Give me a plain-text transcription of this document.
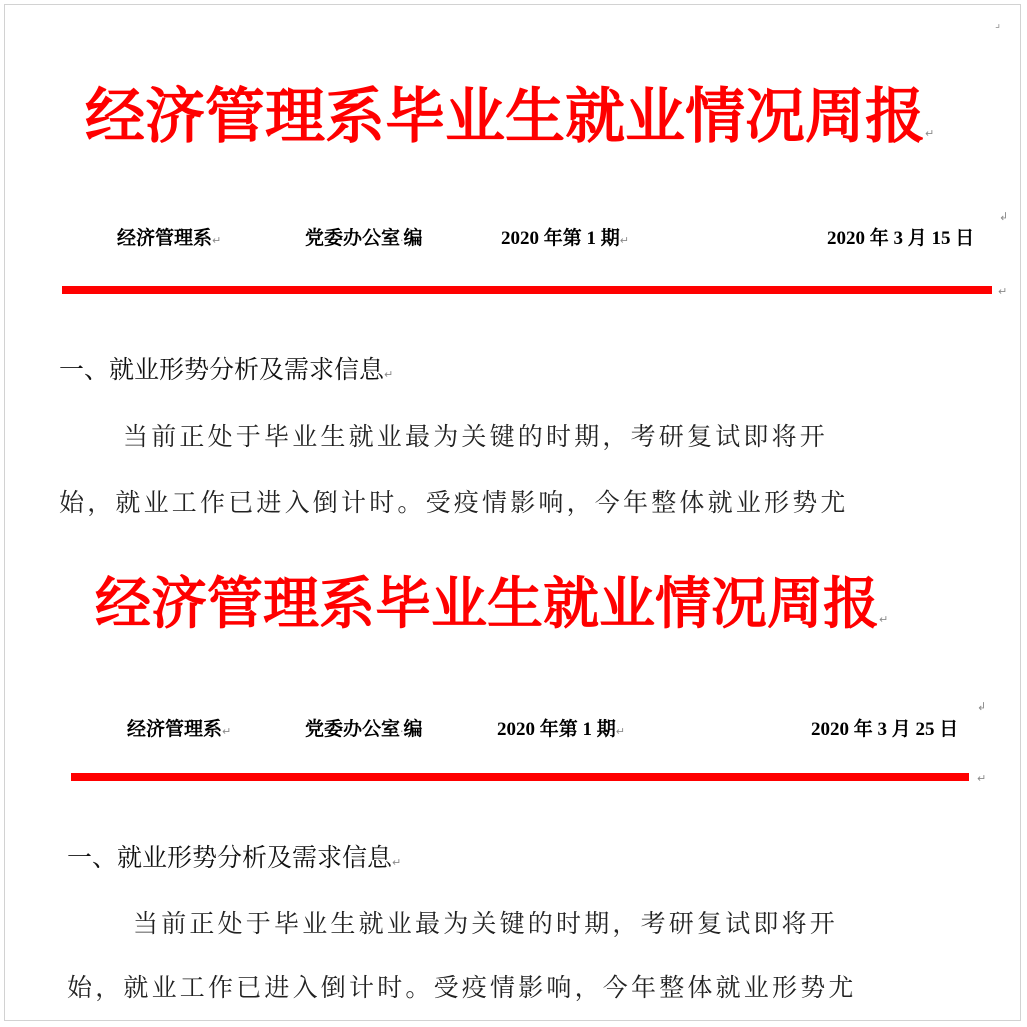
⌟
经济管理系毕业生就业情况周报↵
经济管理系↵	党委办公室·编	2020 年第 1 期↵	2020 年 3 月 15 日
↲
↵
一、就业形势分析及需求信息↵
当前正处于毕业生就业最为关键的时期，考研复试即将开
始，就业工作已进入倒计时。受疫情影响，今年整体就业形势尤
经济管理系毕业生就业情况周报↵
经济管理系↵	党委办公室·编	2020 年第 1 期↵	2020 年 3 月 25 日
↲
↵
一、就业形势分析及需求信息↵
当前正处于毕业生就业最为关键的时期，考研复试即将开
始，就业工作已进入倒计时。受疫情影响，今年整体就业形势尤
